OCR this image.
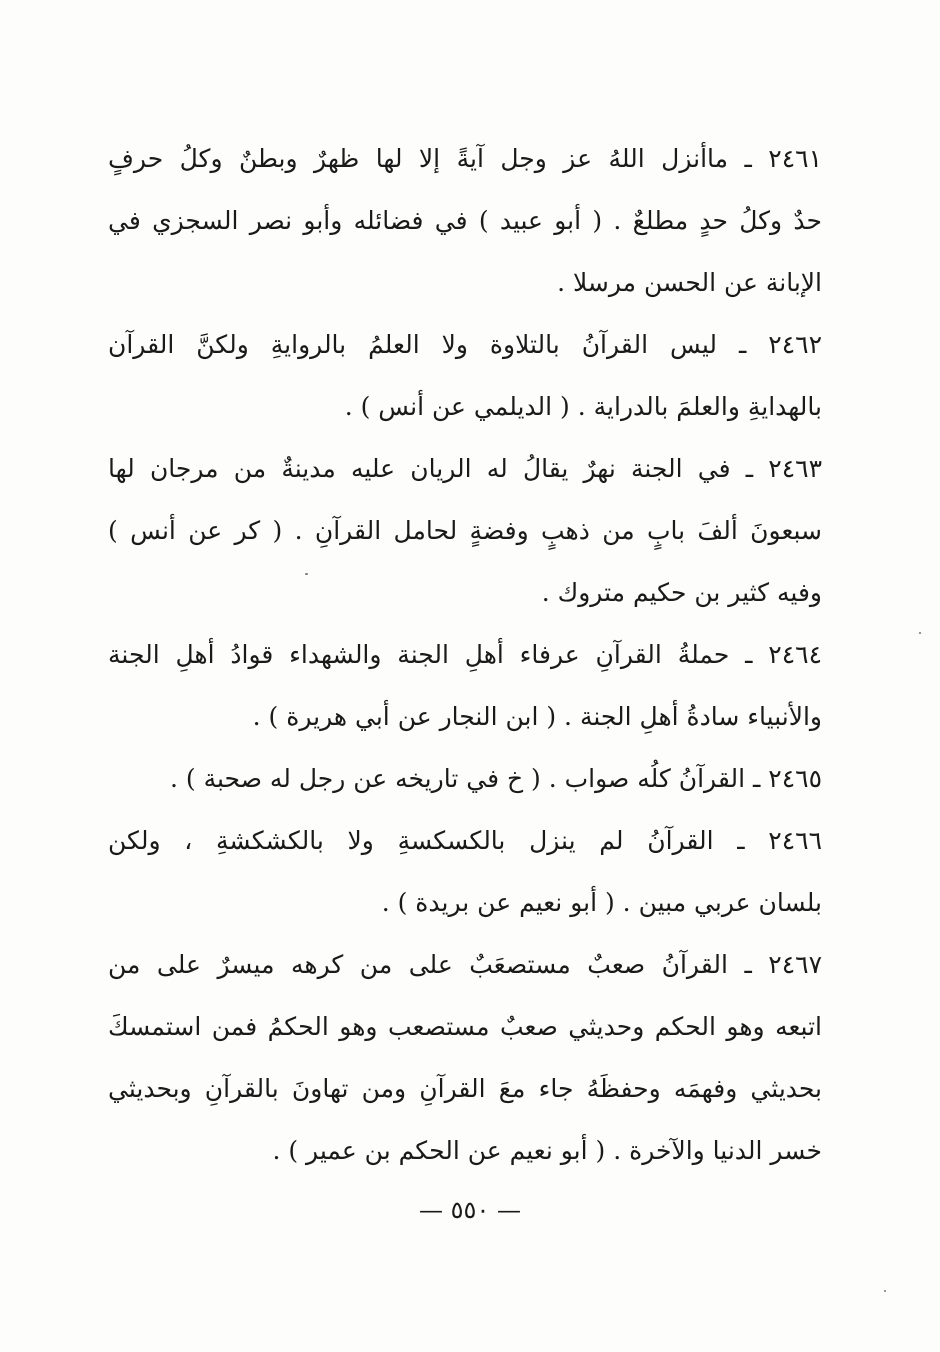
٢٤٦١ ـ ماأنزل اللهُ عز وجل آيةً إلا لها ظهرٌ وبطنٌ وكلُ حرفٍ
حدٌ وكلُ حدٍ مطلعٌ . ( أبو عبيد ) في فضائله وأبو نصر السجزي في
الإبانة عن الحسن مرسلا .
٢٤٦٢ ـ ليس القرآنُ بالتلاوة ولا العلمُ بالروايةِ ولكنَّ القرآن
بالهدايةِ والعلمَ بالدراية . ( الديلمي عن أنس ) .
٢٤٦٣ ـ في الجنة نهرٌ يقالُ له الريان عليه مدينةٌ من مرجان لها
سبعونَ ألفَ بابٍ من ذهبٍ وفضةٍ لحامل القرآنِ . ( كر عن أنس )
وفيه كثير بن حكيم متروك .
٢٤٦٤ ـ حملةُ القرآنِ عرفاء أهلِ الجنة والشهداء قوادُ أهلِ الجنة
والأنبياء سادةُ أهلِ الجنة . ( ابن النجار عن أبي هريرة ) .
٢٤٦٥ ـ القرآنُ كلُه صواب . ( خ في تاريخه عن رجل له صحبة ) .
٢٤٦٦ ـ القرآنُ لم ينزل بالكسكسةِ ولا بالكشكشةِ ، ولكن
بلسان عربي مبين . ( أبو نعيم عن بريدة ) .
٢٤٦٧ ـ القرآنُ صعبٌ مستصعَبٌ على من كرهه ميسرٌ على من
اتبعه وهو الحكم وحديثي صعبٌ مستصعب وهو الحكمُ فمن استمسكَ
بحديثي وفهمَه وحفظَهُ جاء معَ القرآنِ ومن تهاونَ بالقرآنِ وبحديثي
خسر الدنيا والآخرة . ( أبو نعيم عن الحكم بن عمير ) .
— ٥٥٠ —
